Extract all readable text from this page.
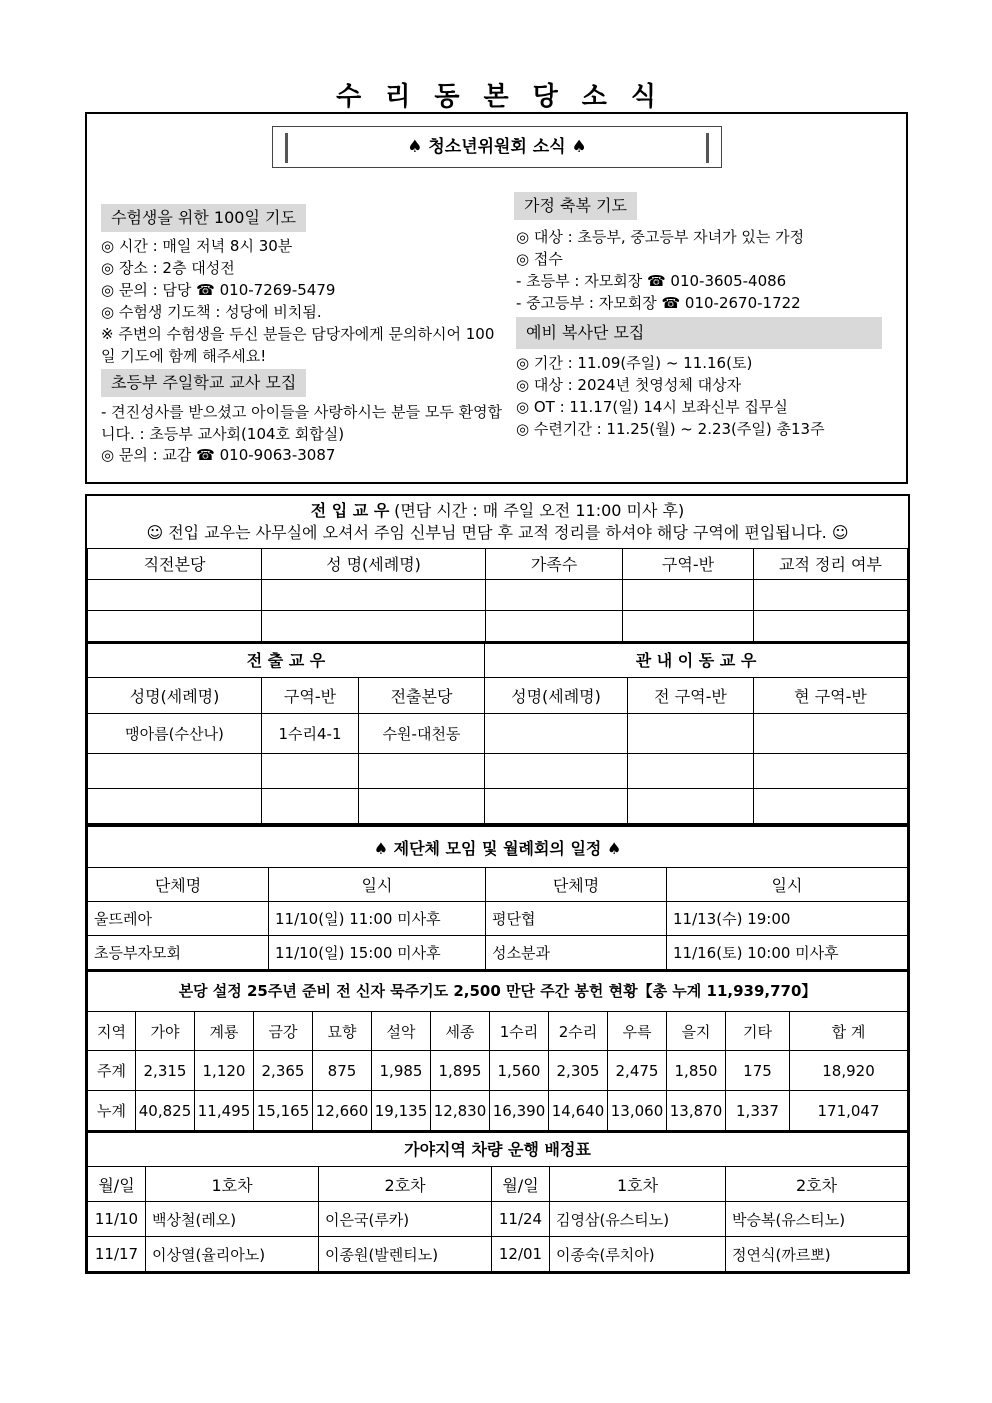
수 리 동 본 당 소 식
♠ 청소년위원회 소식 ♠
수험생을 위한 100일 기도
◎ 시간 : 매일 저녁 8시 30분
◎ 장소 : 2층 대성전
◎ 문의 : 담당 ☎ 010-7269-5479
◎ 수험생 기도책 : 성당에 비치됨.
※ 주변의 수험생을 두신 분들은 담당자에게 문의하시어 100일 기도에 함께 해주세요!
초등부 주일학교 교사 모집
- 견진성사를 받으셨고 아이들을 사랑하시는 분들 모두 환영합니다. : 초등부 교사회(104호 회합실)
◎ 문의 : 교감 ☎ 010-9063-3087
가정 축복 기도
◎ 대상 : 초등부, 중고등부 자녀가 있는 가정
◎ 접수
- 초등부 : 자모회장 ☎ 010-3605-4086
- 중고등부 : 자모회장 ☎ 010-2670-1722
예비 복사단 모집
◎ 기간 : 11.09(주일) ~ 11.16(토)
◎ 대상 : 2024년 첫영성체 대상자
◎ OT : 11.17(일) 14시 보좌신부 집무실
◎ 수련기간 : 11.25(월) ~ 2.23(주일) 총13주
전 입 교 우 (면담 시간 : 매 주일 오전 11:00 미사 후)
☺ 전입 교우는 사무실에 오셔서 주임 신부님 면담 후 교적 정리를 하셔야 해당 구역에 편입됩니다. ☺				
직전본당	성 명(세례명)	가족수	구역-반	교적 정리 여부

전 출 교 우			관 내 이 동 교 우		
성명(세례명)	구역-반	전출본당	성명(세례명)	전 구역-반	현 구역-반
맹아름(수산나)	1수리4-1	수원-대천동			

♠ 제단체 모임 및 월례회의 일정 ♠			
단체명	일시	단체명	일시
울뜨레아	11/10(일) 11:00 미사후	평단협	11/13(수) 19:00
초등부자모회	11/10(일) 15:00 미사후	성소분과	11/16(토) 10:00 미사후
본당 설정 25주년 준비 전 신자 묵주기도 2,500 만단 주간 봉헌 현황【총 누계 11,939,770】												
지역	가야	계룡	금강	묘향	설악	세종	1수리	2수리	우륵	을지	기타	합 계
주계	2,315	1,120	2,365	875	1,985	1,895	1,560	2,305	2,475	1,850	175	18,920
누계	40,825	11,495	15,165	12,660	19,135	12,830	16,390	14,640	13,060	13,870	1,337	171,047
가야지역 차량 운행 배정표					
월/일	1호차	2호차	월/일	1호차	2호차
11/10	백상철(레오)	이은국(루카)	11/24	김영삼(유스티노)	박승복(유스티노)
11/17	이상열(율리아노)	이종원(발렌티노)	12/01	이종숙(루치아)	정연식(까르뽀)
